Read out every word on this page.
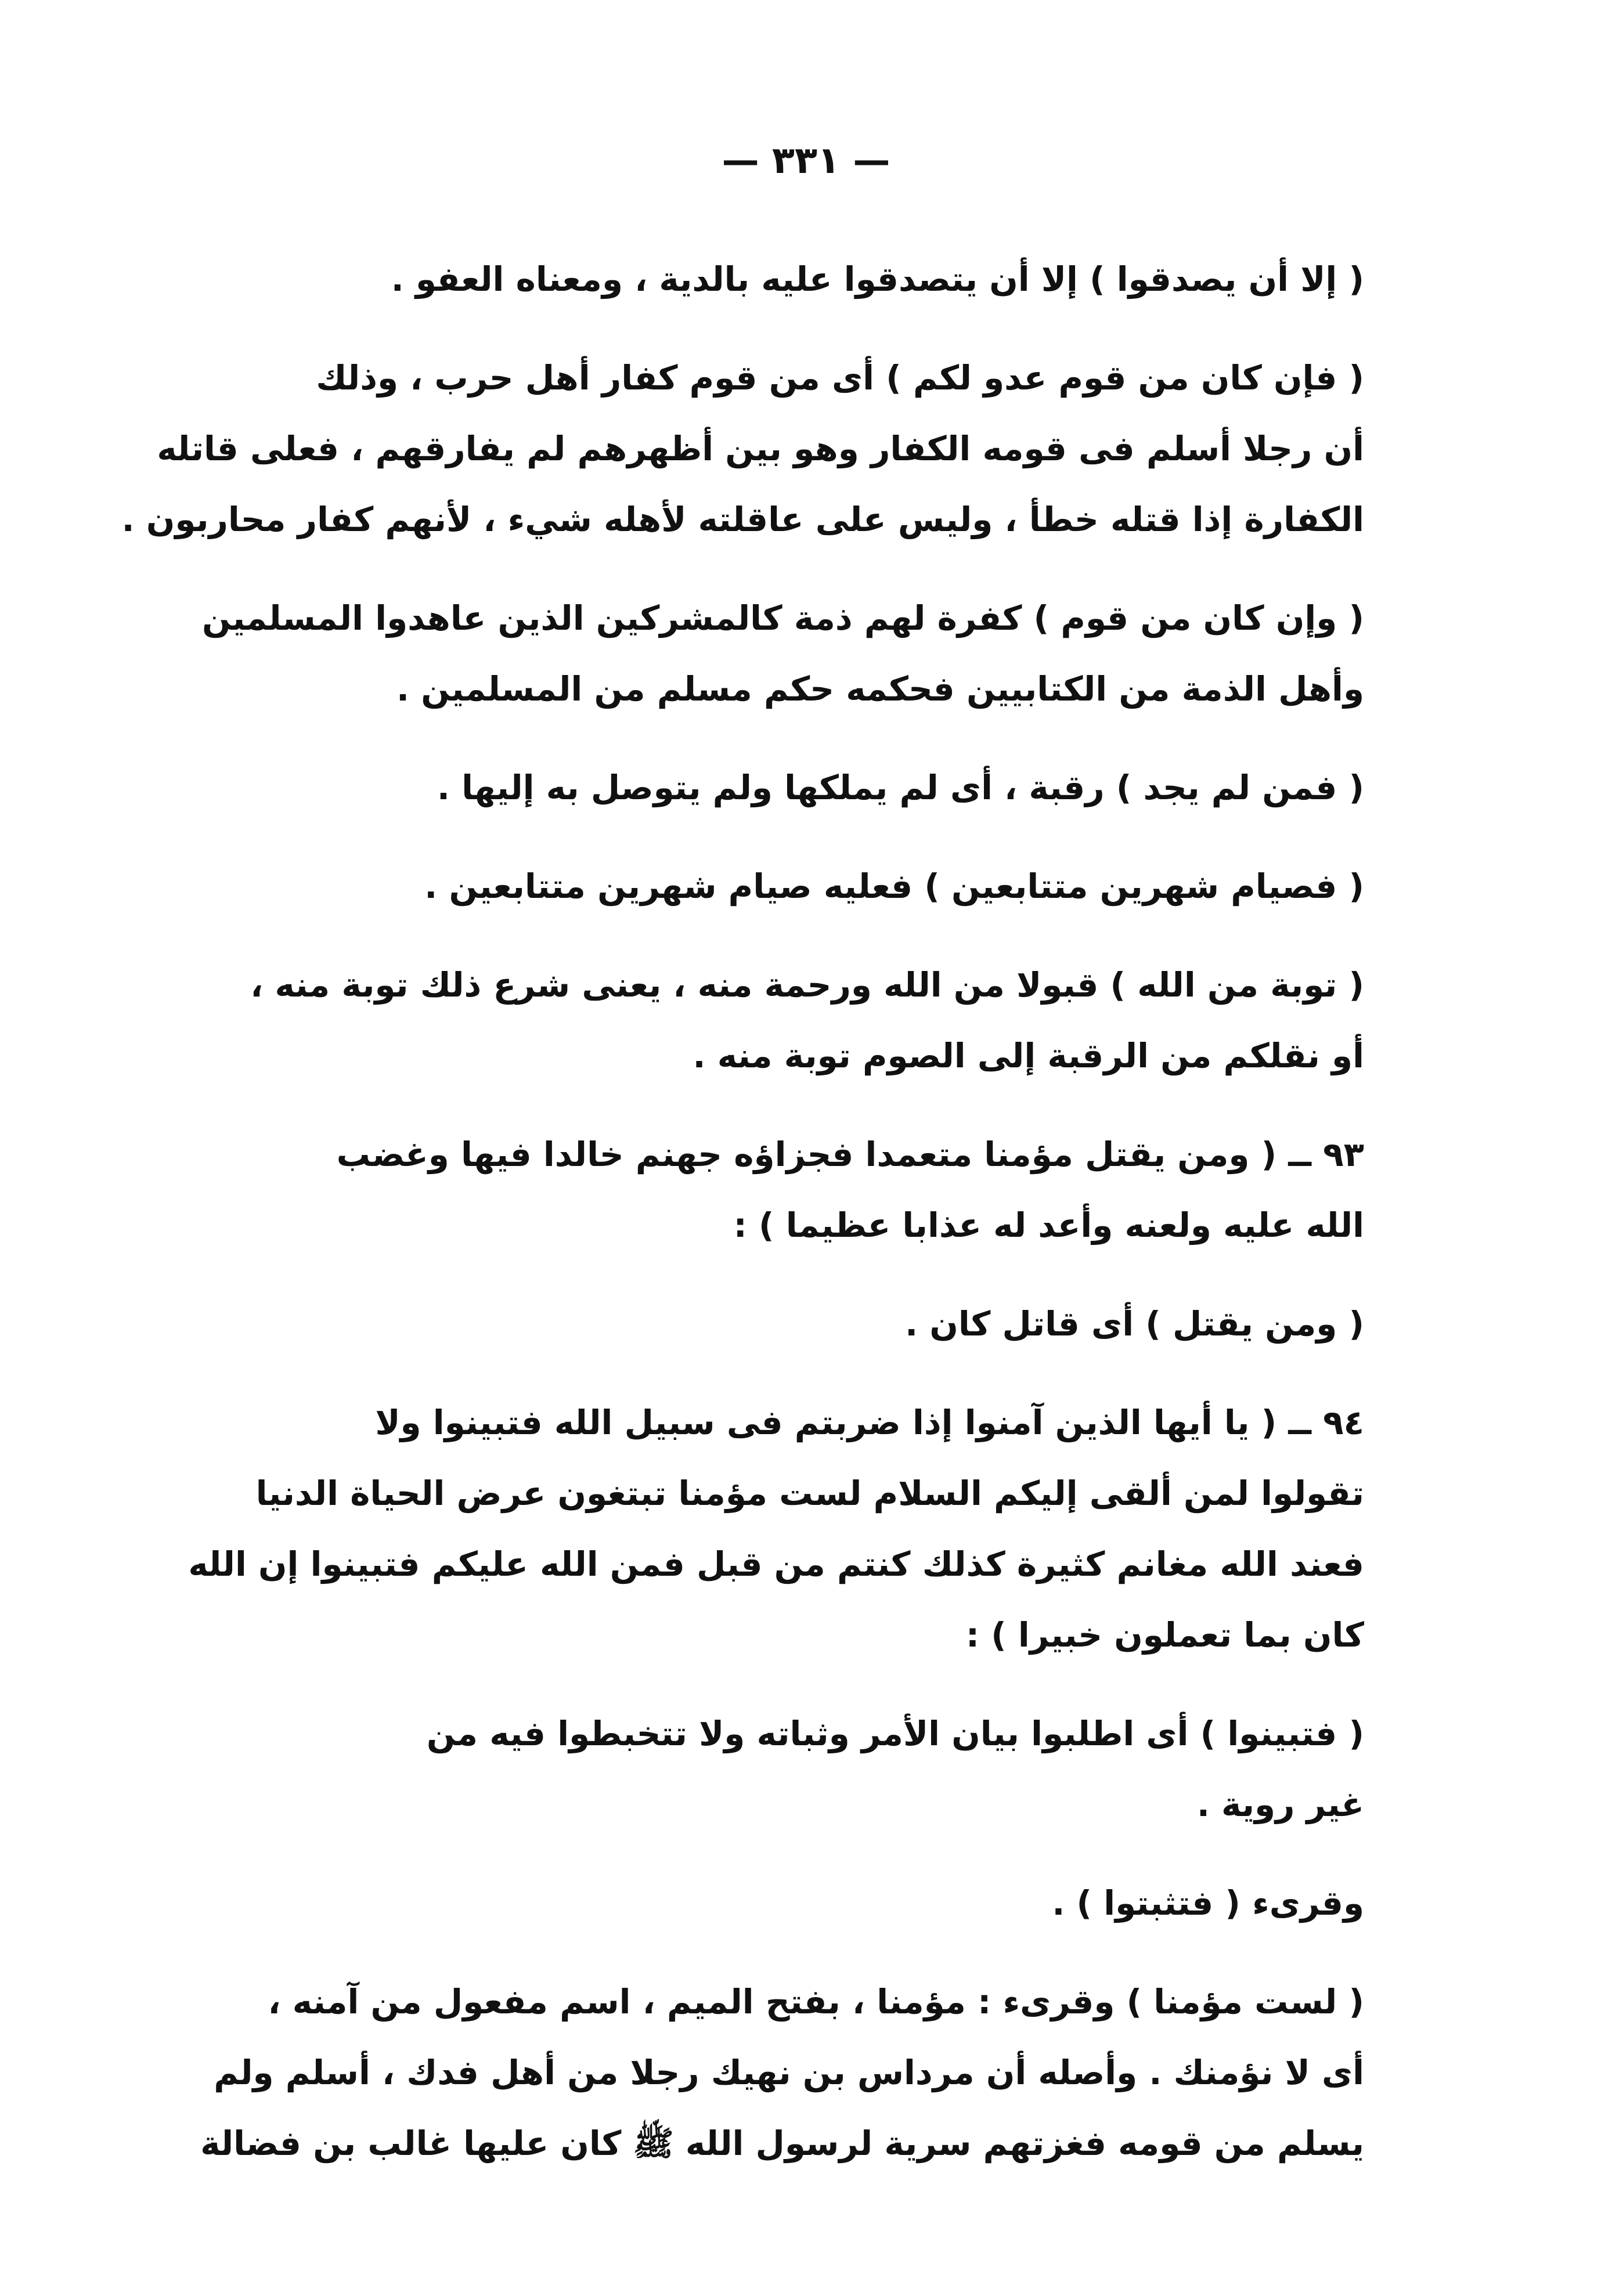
— ٣٣١ —

( إلا أن يصدقوا ) إلا أن يتصدقوا عليه بالدية ، ومعناه العفو .

( فإن كان من قوم عدو لكم ) أى من قوم كفار أهل حرب ، وذلك
أن رجلا أسلم فى قومه الكفار وهو بين أظهرهم لم يفارقهم ، فعلى قاتله
الكفارة إذا قتله خطأ ، وليس على عاقلته لأهله شيء ، لأنهم كفار محاربون .

( وإن كان من قوم ) كفرة لهم ذمة كالمشركين الذين عاهدوا المسلمين
وأهل الذمة من الكتابيين فحكمه حكم مسلم من المسلمين .

( فمن لم يجد ) رقبة ، أى لم يملكها ولم يتوصل به إليها .

( فصيام شهرين متتابعين ) فعليه صيام شهرين متتابعين .

( توبة من الله ) قبولا من الله ورحمة منه ، يعنى شرع ذلك توبة منه ،
أو نقلكم من الرقبة إلى الصوم توبة منه .

٩٣ ــ ( ومن يقتل مؤمنا متعمدا فجزاؤه جهنم خالدا فيها وغضب
الله عليه ولعنه وأعد له عذابا عظيما ) :

( ومن يقتل ) أى قاتل كان .

٩٤ ــ ( يا أيها الذين آمنوا إذا ضربتم فى سبيل الله فتبينوا ولا
تقولوا لمن ألقى إليكم السلام لست مؤمنا تبتغون عرض الحياة الدنيا
فعند الله مغانم كثيرة كذلك كنتم من قبل فمن الله عليكم فتبينوا إن الله
كان بما تعملون خبيرا ) :

( فتبينوا ) أى اطلبوا بيان الأمر وثباته ولا تتخبطوا فيه من
غير روية .

وقرىء ( فتثبتوا ) .

( لست مؤمنا ) وقرىء : مؤمنا ، بفتح الميم ، اسم مفعول من آمنه ،
أى لا نؤمنك . وأصله أن مرداس بن نهيك رجلا من أهل فدك ، أسلم ولم
يسلم من قومه فغزتهم سرية لرسول الله ﷺ كان عليها غالب بن فضالة
